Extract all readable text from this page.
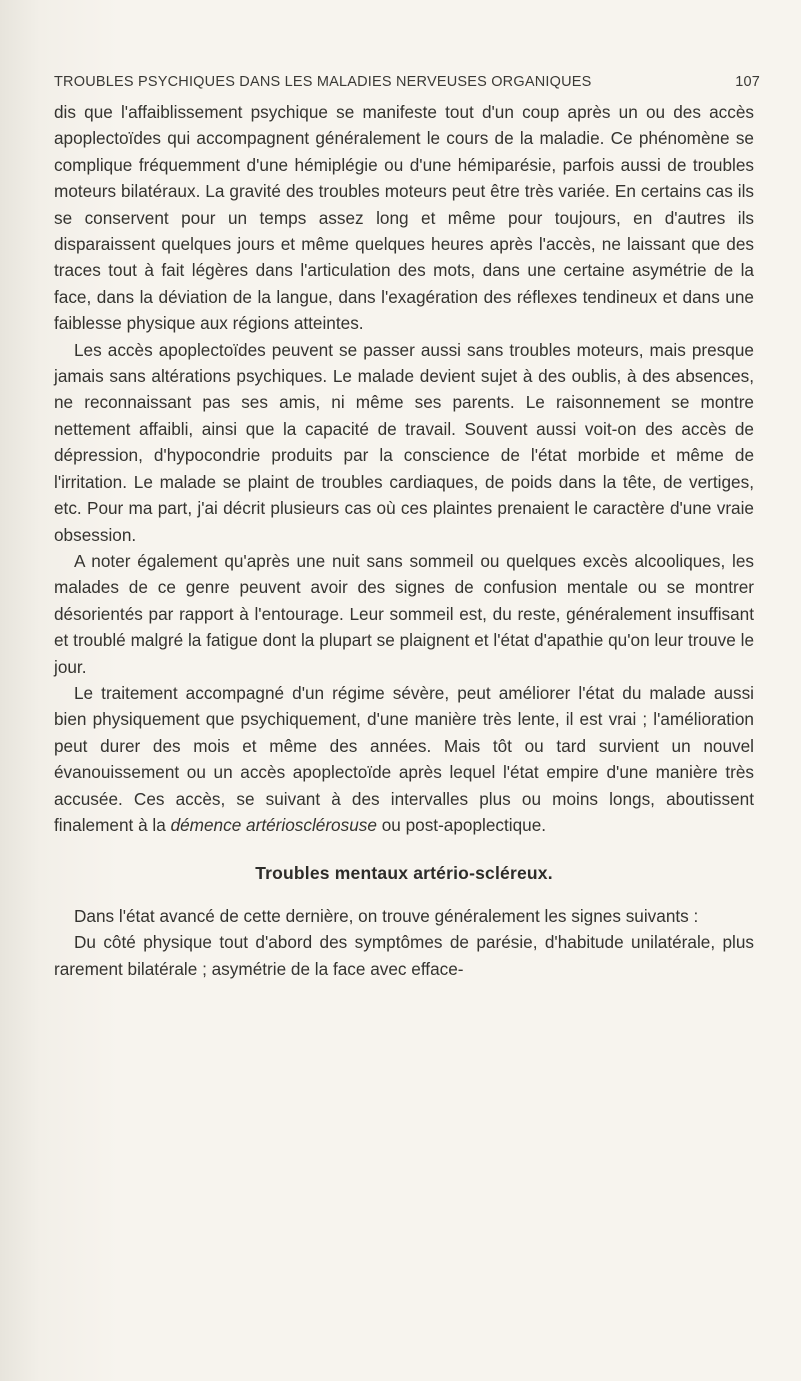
TROUBLES PSYCHIQUES DANS LES MALADIES NERVEUSES ORGANIQUES	107

dis que l'affaiblissement psychique se manifeste tout d'un coup après un ou des accès apoplectoïdes qui accompagnent généralement le cours de la maladie. Ce phénomène se complique fréquemment d'une hémiplégie ou d'une hémiparésie, parfois aussi de troubles moteurs bilatéraux. La gravité des troubles moteurs peut être très variée. En certains cas ils se conservent pour un temps assez long et même pour toujours, en d'autres ils disparaissent quelques jours et même quelques heures après l'accès, ne laissant que des traces tout à fait légères dans l'articulation des mots, dans une certaine asymétrie de la face, dans la déviation de la langue, dans l'exagération des réflexes tendineux et dans une faiblesse physique aux régions atteintes.

Les accès apoplectoïdes peuvent se passer aussi sans troubles moteurs, mais presque jamais sans altérations psychiques. Le malade devient sujet à des oublis, à des absences, ne reconnaissant pas ses amis, ni même ses parents. Le raisonnement se montre nettement affaibli, ainsi que la capacité de travail. Souvent aussi voit-on des accès de dépression, d'hypocondrie produits par la conscience de l'état morbide et même de l'irritation. Le malade se plaint de troubles cardiaques, de poids dans la tête, de vertiges, etc. Pour ma part, j'ai décrit plusieurs cas où ces plaintes prenaient le caractère d'une vraie obsession.

A noter également qu'après une nuit sans sommeil ou quelques excès alcooliques, les malades de ce genre peuvent avoir des signes de confusion mentale ou se montrer désorientés par rapport à l'entourage. Leur sommeil est, du reste, généralement insuffisant et troublé malgré la fatigue dont la plupart se plaignent et l'état d'apathie qu'on leur trouve le jour.

Le traitement accompagné d'un régime sévère, peut améliorer l'état du malade aussi bien physiquement que psychiquement, d'une manière très lente, il est vrai ; l'amélioration peut durer des mois et même des années. Mais tôt ou tard survient un nouvel évanouissement ou un accès apoplectoïde après lequel l'état empire d'une manière très accusée. Ces accès, se suivant à des intervalles plus ou moins longs, aboutissent finalement à la démence artériosclérosuse ou post-apoplectique.

Troubles mentaux artério-scléreux.

Dans l'état avancé de cette dernière, on trouve généralement les signes suivants :

Du côté physique tout d'abord des symptômes de parésie, d'habitude unilatérale, plus rarement bilatérale ; asymétrie de la face avec efface-
